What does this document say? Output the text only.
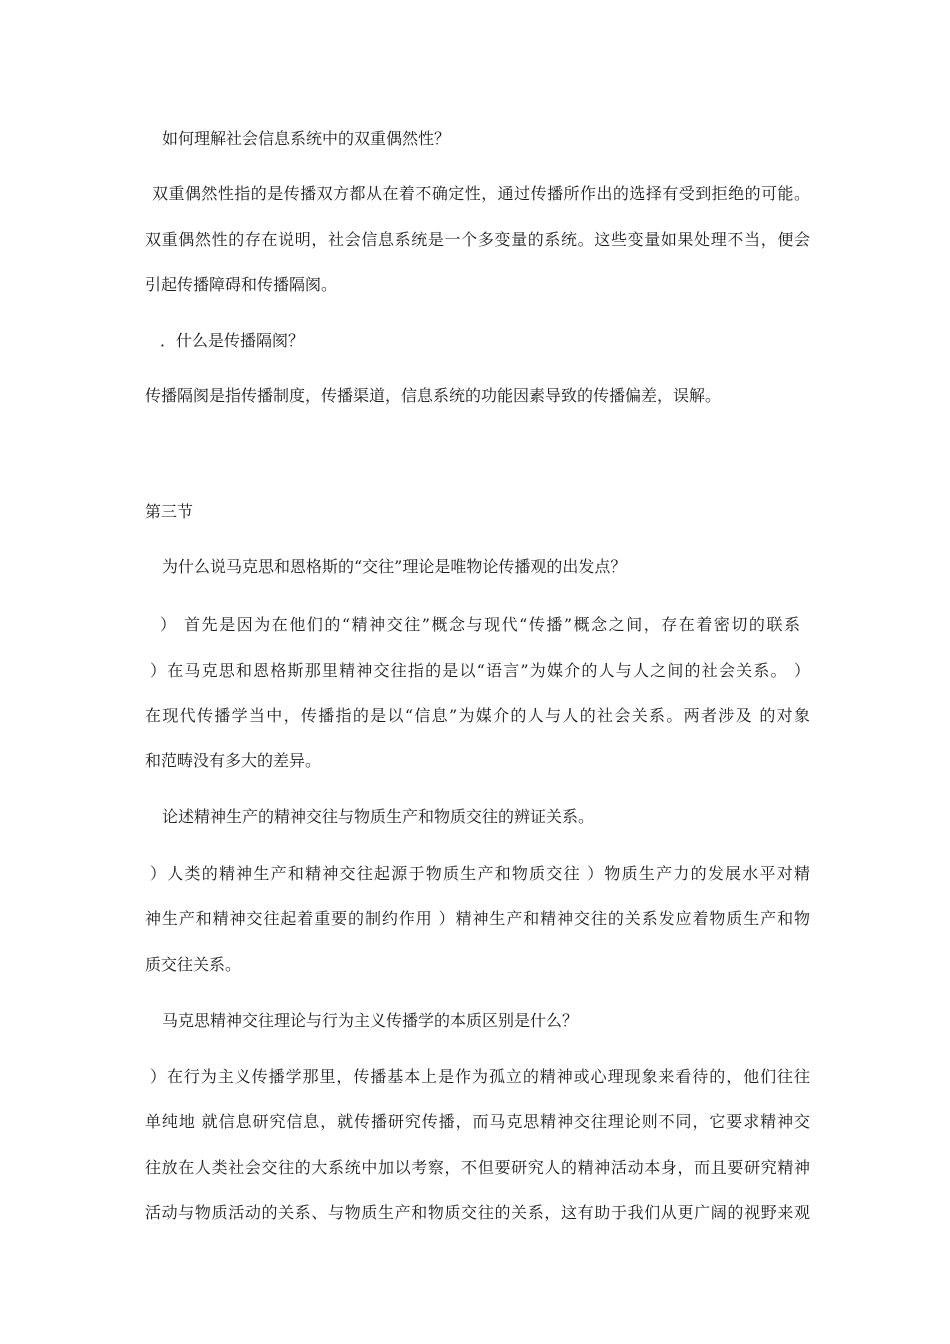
如何理解社会信息系统中的双重偶然性？
双重偶然性指的是传播双方都从在着不确定性，通过传播所作出的选择有受到拒绝的可能。
双重偶然性的存在说明，社会信息系统是一个多变量的系统。这些变量如果处理不当，便会
引起传播障碍和传播隔阂。
．什么是传播隔阂？
传播隔阂是指传播制度，传播渠道，信息系统的功能因素导致的传播偏差，误解。
第三节
为什么说马克思和恩格斯的“交往”理论是唯物论传播观的出发点？
） 首先是因为在他们的“精神交往”概念与现代“传播”概念之间，存在着密切的联系
）在马克思和恩格斯那里精神交往指的是以“语言”为媒介的人与人之间的社会关系。 ）
在现代传播学当中，传播指的是以“信息”为媒介的人与人的社会关系。两者涉及 的对象
和范畴没有多大的差异。
论述精神生产的精神交往与物质生产和物质交往的辨证关系。
）人类的精神生产和精神交往起源于物质生产和物质交往 ）物质生产力的发展水平对精
神生产和精神交往起着重要的制约作用 ）精神生产和精神交往的关系发应着物质生产和物
质交往关系。
马克思精神交往理论与行为主义传播学的本质区别是什么？
）在行为主义传播学那里，传播基本上是作为孤立的精神或心理现象来看待的，他们往往
单纯地 就信息研究信息，就传播研究传播，而马克思精神交往理论则不同，它要求精神交
往放在人类社会交往的大系统中加以考察，不但要研究人的精神活动本身，而且要研究精神
活动与物质活动的关系、与物质生产和物质交往的关系，这有助于我们从更广阔的视野来观
